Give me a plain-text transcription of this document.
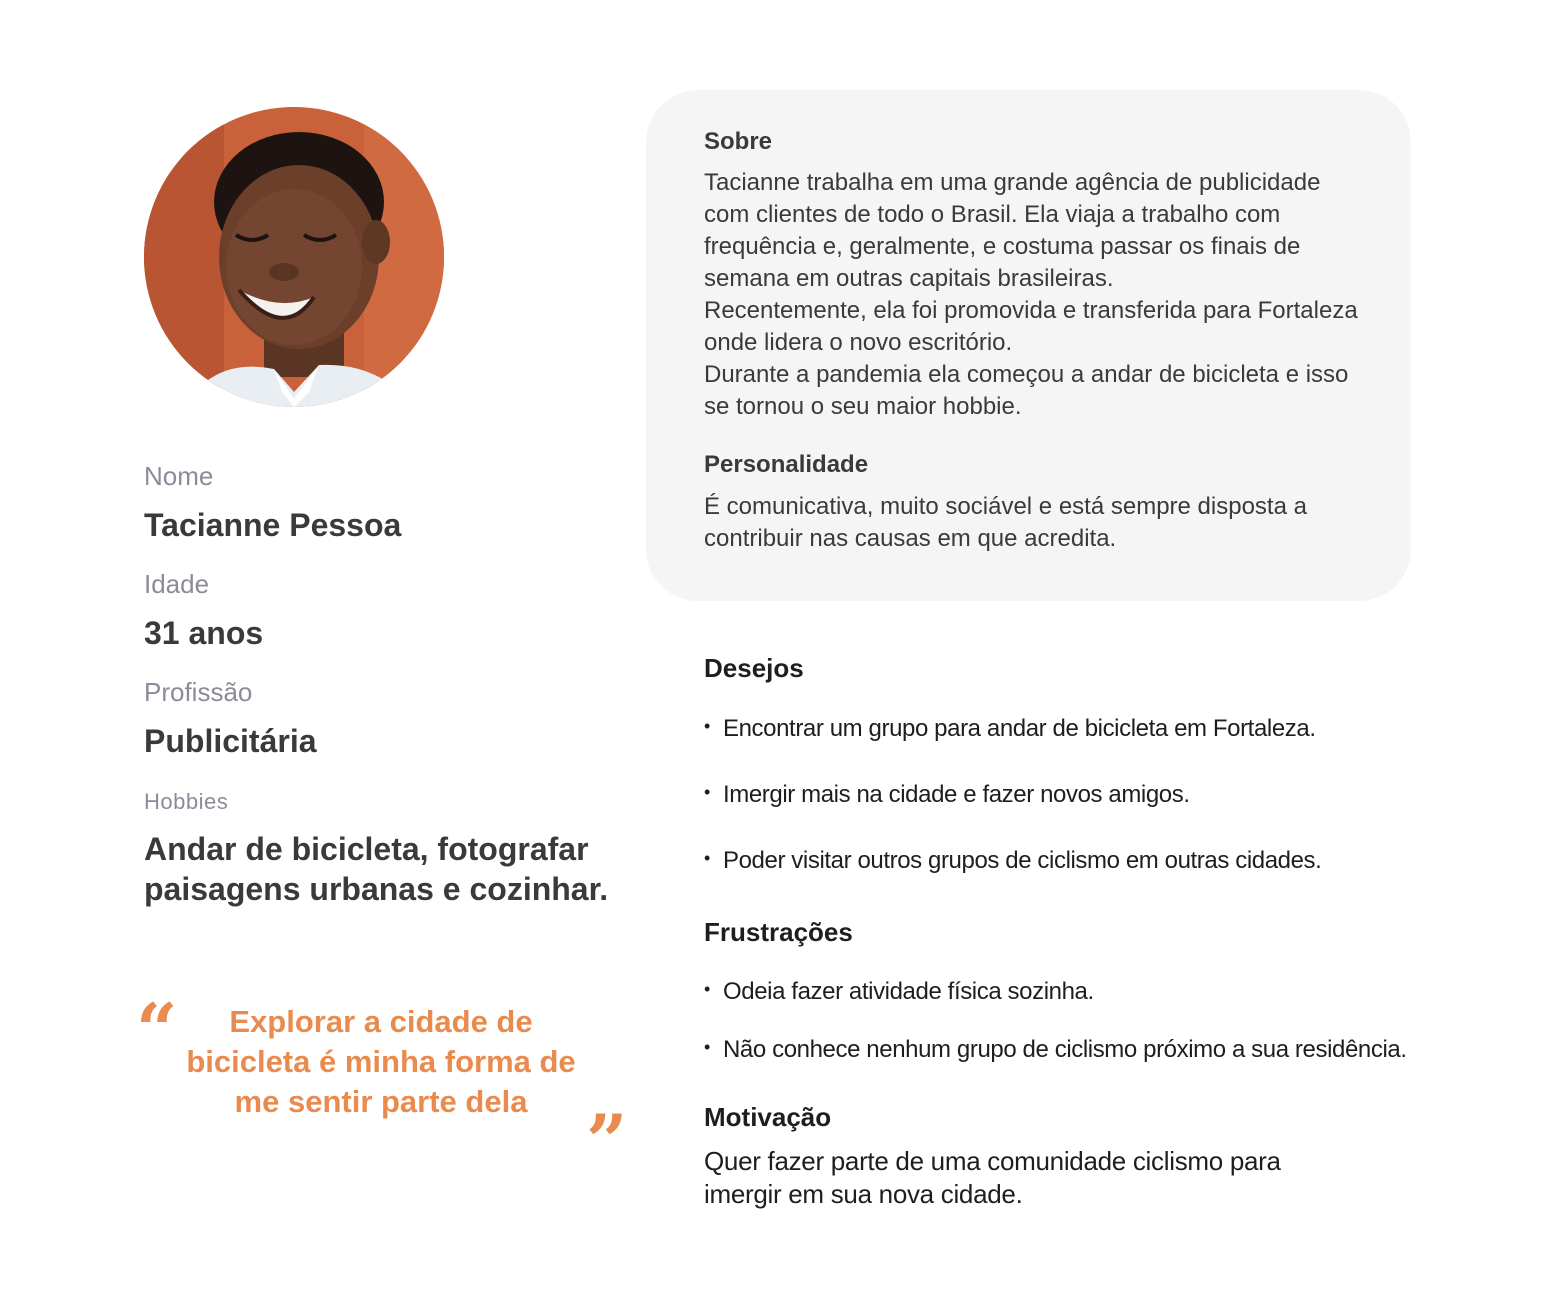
Nome

Tacianne Pessoa

Idade

31 anos

Profissão

Publicitária

Hobbies

Andar de bicicleta, fotografar paisagens urbanas e cozinhar.

“	Explorar a cidade de bicicleta é minha forma de me sentir parte dela ”
Sobre

Tacianne trabalha em uma grande agência de publicidade com clientes de todo o Brasil. Ela viaja a trabalho com frequência e, geralmente, e costuma passar os finais de semana em outras capitais brasileiras.
Recentemente, ela foi promovida e transferida para Fortaleza onde lidera o novo escritório.
Durante a pandemia ela começou a andar de bicicleta e isso se tornou o seu maior hobbie.

Personalidade

É comunicativa, muito sociável e está sempre disposta a contribuir nas causas em que acredita.

Desejos

• Encontrar um grupo para andar de bicicleta em Fortaleza.

• Imergir mais na cidade e fazer novos amigos.

• Poder visitar outros grupos de ciclismo em outras cidades.

Frustrações

• Odeia fazer atividade física sozinha.

• Não conhece nenhum grupo de ciclismo próximo a sua residência.

Motivação

Quer fazer parte de uma comunidade ciclismo para imergir em sua nova cidade.
